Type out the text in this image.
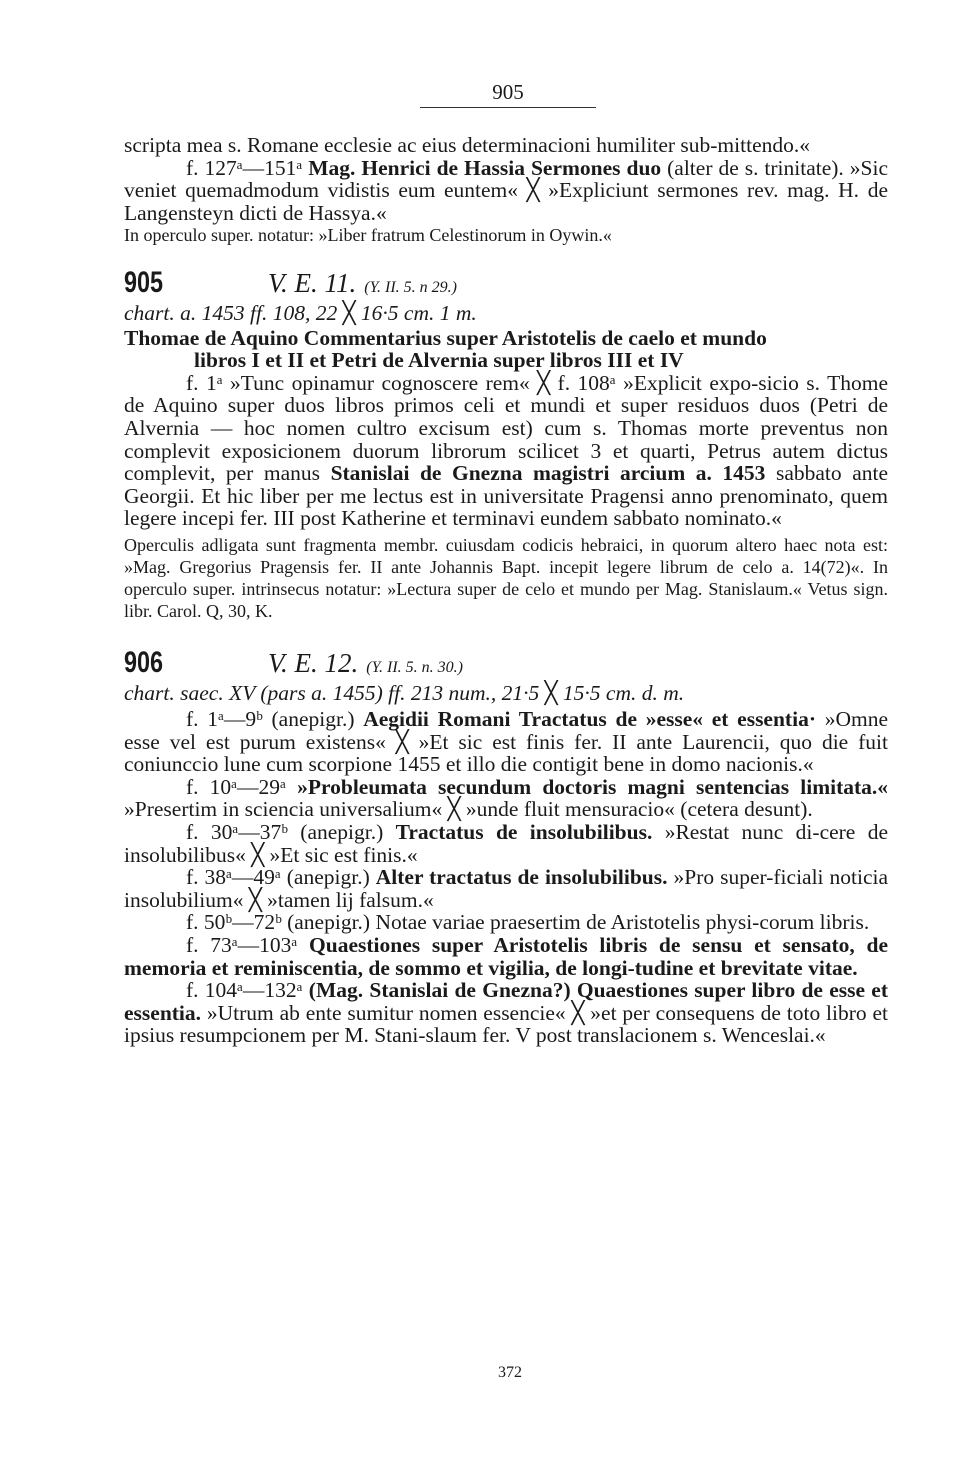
905

scripta mea s. Romane ecclesie ac eius determinacioni humiliter sub-mittendo.«

f. 127ᵃ—151ᵃ Mag. Henrici de Hassia Sermones duo (alter de s. trinitate). »Sic veniet quemadmodum vidistis eum euntem« ╳ »Expliciunt sermones rev. mag. H. de Langensteyn dicti de Hassya.«

In operculo super. notatur: »Liber fratrum Celestinorum in Oywin.«

905	V. E. 11. (Y. II. 5. n 29.)

chart. a. 1453 ff. 108, 22 ╳ 16·5 cm. 1 m.

Thomae de Aquino Commentarius super Aristotelis de caelo et mundo
libros I et II et Petri de Alvernia super libros III et IV

f. 1ᵃ »Tunc opinamur cognoscere rem« ╳ f. 108ᵃ »Explicit expo-sicio s. Thome de Aquino super duos libros primos celi et mundi et super residuos duos (Petri de Alvernia — hoc nomen cultro excisum est) cum s. Thomas morte preventus non complevit exposicionem duorum librorum scilicet 3 et quarti, Petrus autem dictus complevit, per manus Stanislai de Gnezna magistri arcium a. 1453 sabbato ante Georgii. Et hic liber per me lectus est in universitate Pragensi anno prenominato, quem legere incepi fer. III post Katherine et terminavi eundem sabbato nominato.«

Operculis adligata sunt fragmenta membr. cuiusdam codicis hebraici, in quorum altero haec nota est: »Mag. Gregorius Pragensis fer. II ante Johannis Bapt. incepit legere librum de celo a. 14(72)«. In operculo super. intrinsecus notatur: »Lectura super de celo et mundo per Mag. Stanislaum.« Vetus sign. libr. Carol. Q, 30, K.

906	V. E. 12. (Y. II. 5. n. 30.)

chart. saec. XV (pars a. 1455) ff. 213 num., 21·5 ╳ 15·5 cm. d. m.

f. 1ᵃ—9ᵇ (anepigr.) Aegidii Romani Tractatus de »esse« et essentia· »Omne esse vel est purum existens« ╳ »Et sic est finis fer. II ante Laurencii, quo die fuit coniunccio lune cum scorpione 1455 et illo die contigit bene in domo nacionis.«

f. 10ᵃ—29ᵃ »Probleumata secundum doctoris magni sentencias limitata.« »Presertim in sciencia universalium« ╳ »unde fluit mensuracio« (cetera desunt).

f. 30ᵃ—37ᵇ (anepigr.) Tractatus de insolubilibus. »Restat nunc di-cere de insolubilibus« ╳ »Et sic est finis.«

f. 38ᵃ—49ᵃ (anepigr.) Alter tractatus de insolubilibus. »Pro super-ficiali noticia insolubilium« ╳ »tamen lij falsum.«

f. 50ᵇ—72ᵇ (anepigr.) Notae variae praesertim de Aristotelis physi-corum libris.

f. 73ᵃ—103ᵃ Quaestiones super Aristotelis libris de sensu et sensato, de memoria et reminiscentia, de sommo et vigilia, de longi-tudine et brevitate vitae.

f. 104ᵃ—132ᵃ (Mag. Stanislai de Gnezna?) Quaestiones super libro de esse et essentia. »Utrum ab ente sumitur nomen essencie« ╳ »et per consequens de toto libro et ipsius resumpcionem per M. Stani-slaum fer. V post translacionem s. Wenceslai.«

372
